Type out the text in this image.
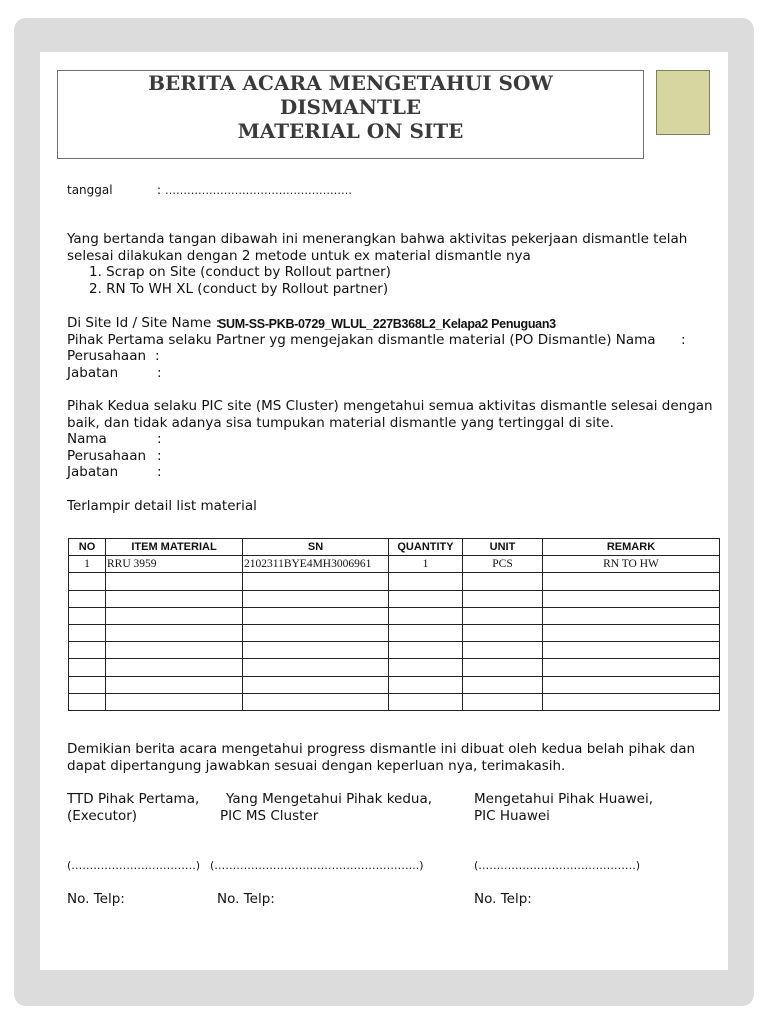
BERITA ACARA MENGETAHUI SOW
DISMANTLE
MATERIAL ON SITE
tanggal	: ……………………………………………
Yang bertanda tangan dibawah ini menerangkan bahwa aktivitas pekerjaan dismantle telah
selesai dilakukan dengan 2 metode untuk ex material dismantle nya
1. Scrap on Site (conduct by Rollout partner)
2. RN To WH XL (conduct by Rollout partner)
Di Site Id / Site Name :
SUM-SS-PKB-0729_WLUL_227B368L2_Kelapa2 Penuguan3
Pihak Pertama selaku Partner yg mengejakan dismantle material (PO Dismantle) Nama :
Perusahaan :
Jabatan	:
Pihak Kedua selaku PIC site (MS Cluster) mengetahui semua aktivitas dismantle selesai dengan
baik, dan tidak adanya sisa tumpukan material dismantle yang tertinggal di site.
Nama	:
Perusahaan :
Jabatan	:
Terlampir detail list material
NO	ITEM MATERIAL	SN	QUANTITY	UNIT	REMARK
1	RRU 3959	2102311BYE4MH3006961	1	PCS	RN TO HW

Demikian berita acara mengetahui progress dismantle ini dibuat oleh kedua belah pihak dan
dapat dipertangung jawabkan sesuai dengan keperluan nya, terimakasih.
TTD Pihak Pertama,
(Executor)
(…………………………….)
No. Telp:
Yang Mengetahui Pihak kedua,
PIC MS Cluster
(………………………………………………..)
No. Telp:
Mengetahui Pihak Huawei,
PIC Huawei
(…………………………………….)
No. Telp:
